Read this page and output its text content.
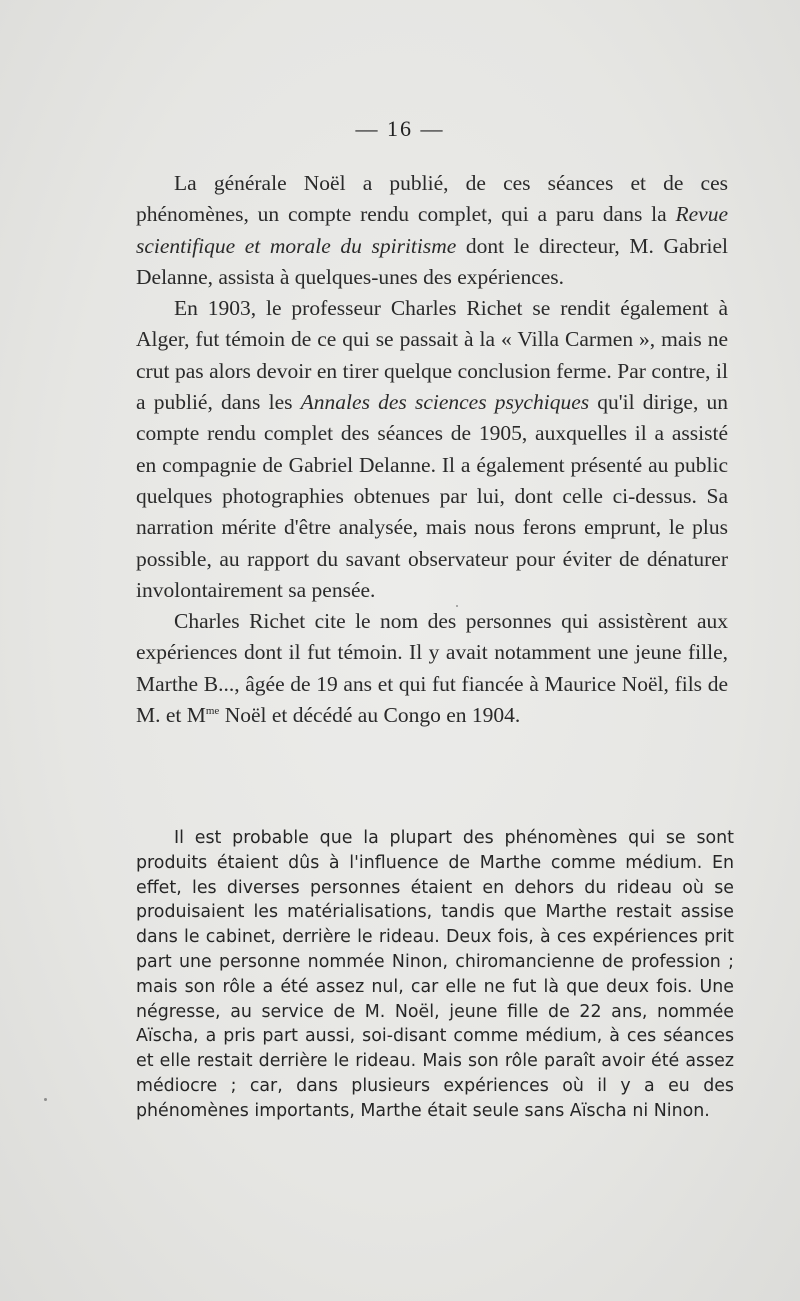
— 16 —

La générale Noël a publié, de ces séances et de ces phénomènes, un compte rendu complet, qui a paru dans la Revue scientifique et morale du spiritisme dont le directeur, M. Gabriel Delanne, assista à quelques-unes des expériences.

En 1903, le professeur Charles Richet se rendit également à Alger, fut témoin de ce qui se passait à la « Villa Carmen », mais ne crut pas alors devoir en tirer quelque conclusion ferme. Par contre, il a publié, dans les Annales des sciences psychiques qu'il dirige, un compte rendu complet des séances de 1905, auxquelles il a assisté en compagnie de Gabriel Delanne. Il a également présenté au public quelques photographies obtenues par lui, dont celle ci-dessus. Sa narration mérite d'être analysée, mais nous ferons emprunt, le plus possible, au rapport du savant observateur pour éviter de dénaturer involontairement sa pensée.

Charles Richet cite le nom des personnes qui assistèrent aux expériences dont il fut témoin. Il y avait notamment une jeune fille, Marthe B..., âgée de 19 ans et qui fut fiancée à Maurice Noël, fils de M. et $M^{me}$ Noël et décédé au Congo en 1904.

Il est probable que la plupart des phénomènes qui se sont produits étaient dûs à l'influence de Marthe comme médium. En effet, les diverses personnes étaient en dehors du rideau où se produisaient les matérialisations, tandis que Marthe restait assise dans le cabinet, derrière le rideau. Deux fois, à ces expériences prit part une personne nommée Ninon, chiromancienne de profession ; mais son rôle a été assez nul, car elle ne fut là que deux fois. Une négresse, au service de M. Noël, jeune fille de 22 ans, nommée Aïscha, a pris part aussi, soi-disant comme médium, à ces séances et elle restait derrière le rideau. Mais son rôle paraît avoir été assez médiocre ; car, dans plusieurs expériences où il y a eu des phénomènes importants, Marthe était seule sans Aïscha ni Ninon.
